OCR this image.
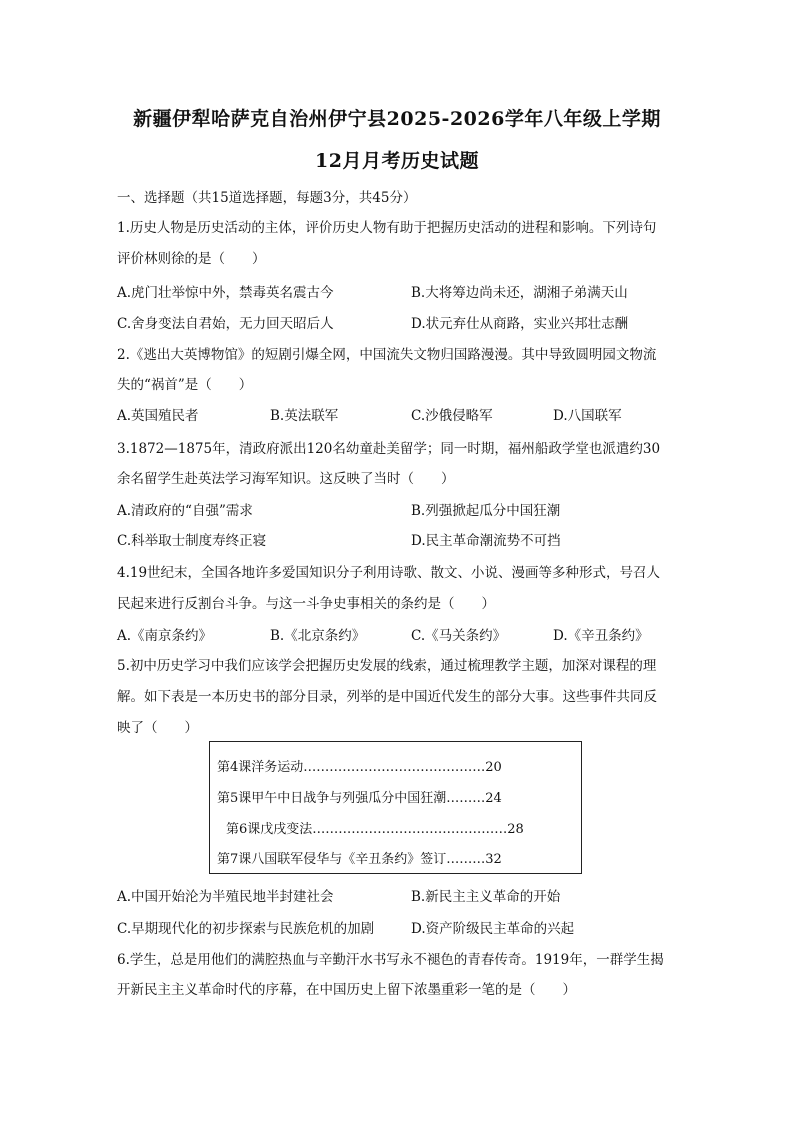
新疆伊犁哈萨克自治州伊宁县2025-2026学年八年级上学期
12月月考历史试题
一、选择题（共15道选择题，每题3分，共45分）
1.历史人物是历史活动的主体，评价历史人物有助于把握历史活动的进程和影响。下列诗句
评价林则徐的是（　　）
A.虎门壮举惊中外，禁毒英名震古今	B.大将筹边尚未还，湖湘子弟满天山
C.舍身变法自君始，无力回天昭后人	D.状元弃仕从商路，实业兴邦壮志酬
2.《逃出大英博物馆》的短剧引爆全网，中国流失文物归国路漫漫。其中导致圆明园文物流
失的“祸首”是（　　）
A.英国殖民者	B.英法联军	C.沙俄侵略军	D.八国联军
3.1872—1875年，清政府派出120名幼童赴美留学；同一时期，福州船政学堂也派遣约30
余名留学生赴英法学习海军知识。这反映了当时（　　）
A.清政府的“自强”需求	B.列强掀起瓜分中国狂潮
C.科举取士制度寿终正寝	D.民主革命潮流势不可挡
4.19世纪末，全国各地许多爱国知识分子利用诗歌、散文、小说、漫画等多种形式，号召人
民起来进行反割台斗争。与这一斗争史事相关的条约是（　　）
A.《南京条约》	B.《北京条约》	C.《马关条约》	D.《辛丑条约》
5.初中历史学习中我们应该学会把握历史发展的线索，通过梳理教学主题，加深对课程的理
解。如下表是一本历史书的部分目录，列举的是中国近代发生的部分大事。这些事件共同反
映了（　　）
第4课洋务运动……………………………………20
第5课甲午中日战争与列强瓜分中国狂潮………24
第6课戊戌变法………………………………………28
第7课八国联军侵华与《辛丑条约》签订………32
A.中国开始沦为半殖民地半封建社会	B.新民主主义革命的开始
C.早期现代化的初步探索与民族危机的加剧	D.资产阶级民主革命的兴起
6.学生，总是用他们的满腔热血与辛勤汗水书写永不褪色的青春传奇。1919年，一群学生揭
开新民主主义革命时代的序幕，在中国历史上留下浓墨重彩一笔的是（　　）
